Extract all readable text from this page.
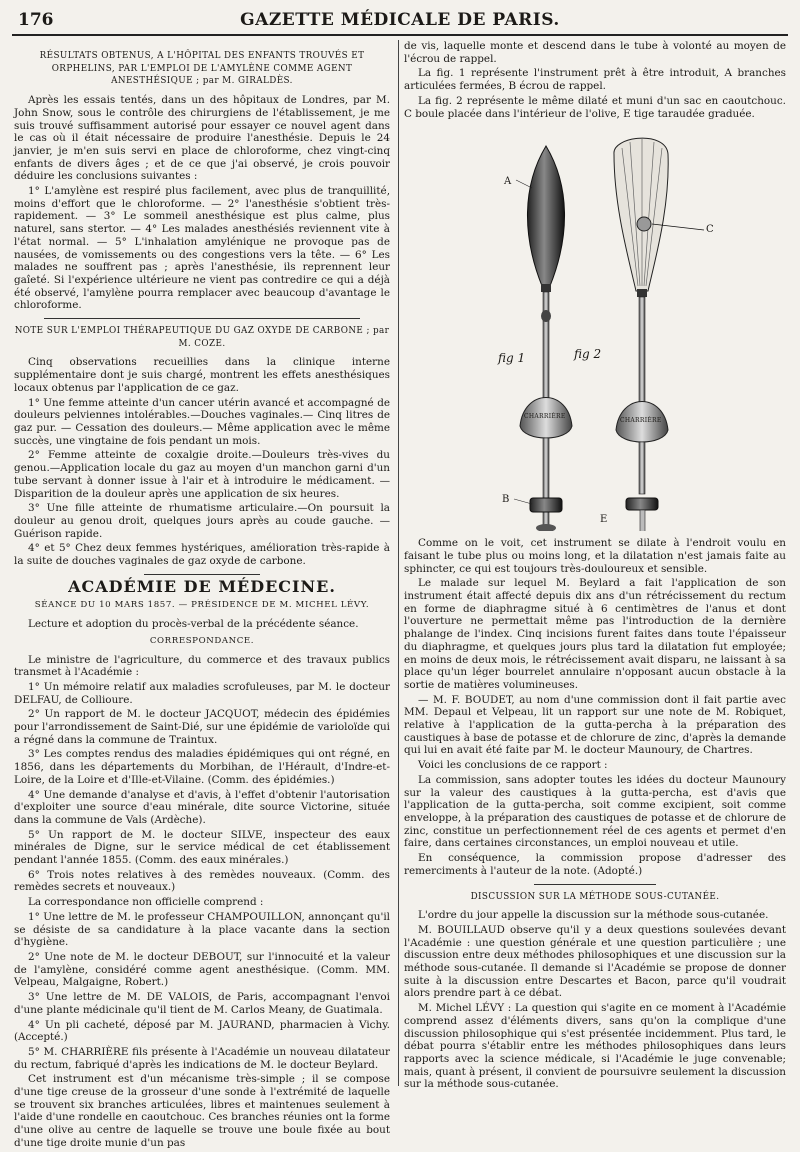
176	GAZETTE MÉDICALE DE PARIS.

RÉSULTATS OBTENUS, A L'HÔPITAL DES ENFANTS TROUVÉS ET ORPHELINS, PAR L'EMPLOI DE L'AMYLÈNE COMME AGENT ANESTHÉSIQUE ; par M. GIRALDÈS.

Après les essais tentés, dans un des hôpitaux de Londres, par M. John Snow, sous le contrôle des chirurgiens de l'établissement, je me suis trouvé suffisamment autorisé pour essayer ce nouvel agent dans le cas où il était nécessaire de produire l'anesthésie. Depuis le 24 janvier, je m'en suis servi en place de chloroforme, chez vingt-cinq enfants de divers âges ; et de ce que j'ai observé, je crois pouvoir déduire les conclusions suivantes :

1° L'amylène est respiré plus facilement, avec plus de tranquillité, moins d'effort que le chloroforme. — 2° l'anesthésie s'obtient très-rapidement. — 3° Le sommeil anesthésique est plus calme, plus naturel, sans stertor. — 4° Les malades anesthésiés reviennent vite à l'état normal. — 5° L'inhalation amylénique ne provoque pas de nausées, de vomissements ou des congestions vers la tête. — 6° Les malades ne souffrent pas ; après l'anesthésie, ils reprennent leur gaîeté. Si l'expérience ultérieure ne vient pas contredire ce qui a déjà été observé, l'amylène pourra remplacer avec beaucoup d'avantage le chloroforme.

NOTE SUR L'EMPLOI THÉRAPEUTIQUE DU GAZ OXYDE DE CARBONE ; par M. COZE.

Cinq observations recueillies dans la clinique interne supplémentaire dont je suis chargé, montrent les effets anesthésiques locaux obtenus par l'application de ce gaz.

1° Une femme atteinte d'un cancer utérin avancé et accompagné de douleurs pelviennes intolérables.—Douches vaginales.— Cinq litres de gaz pur. — Cessation des douleurs.— Même application avec le même succès, une vingtaine de fois pendant un mois.

2° Femme atteinte de coxalgie droite.—Douleurs très-vives du genou.—Application locale du gaz au moyen d'un manchon garni d'un tube servant à donner issue à l'air et à introduire le médicament. — Disparition de la douleur après une application de six heures.

3° Une fille atteinte de rhumatisme articulaire.—On poursuit la douleur au genou droit, quelques jours après au coude gauche. — Guérison rapide.

4° et 5° Chez deux femmes hystériques, amélioration très-rapide à la suite de douches vaginales de gaz oxyde de carbone.

ACADÉMIE DE MÉDECINE.
SÉANCE DU 10 MARS 1857. — PRÉSIDENCE DE M. MICHEL LÉVY.

Lecture et adoption du procès-verbal de la précédente séance.

CORRESPONDANCE.

Le ministre de l'agriculture, du commerce et des travaux publics transmet à l'Académie :

1° Un mémoire relatif aux maladies scrofuleuses, par M. le docteur DELFAU, de Collioure.

2° Un rapport de M. le docteur JACQUOT, médecin des épidémies pour l'arrondissement de Saint-Dié, sur une épidémie de variolоïde qui a régné dans la commune de Traintux.

3° Les comptes rendus des maladies épidémiques qui ont régné, en 1856, dans les départements du Morbihan, de l'Hérault, d'Indre-et-Loire, de la Loire et d'Ille-et-Vilaine. (Comm. des épidémies.)

4° Une demande d'analyse et d'avis, à l'effet d'obtenir l'autorisation d'exploiter une source d'eau minérale, dite source Victorine, située dans la commune de Vals (Ardèche).

5° Un rapport de M. le docteur SILVE, inspecteur des eaux minérales de Digne, sur le service médical de cet établissement pendant l'année 1855. (Comm. des eaux minérales.)

6° Trois notes relatives à des remèdes nouveaux. (Comm. des remèdes secrets et nouveaux.)

La correspondance non officielle comprend :

1° Une lettre de M. le professeur CHAMPOUILLON, annonçant qu'il se désiste de sa candidature à la place vacante dans la section d'hygiène.

2° Une note de M. le docteur DEBOUT, sur l'innocuité et la valeur de l'amylène, considéré comme agent anesthésique. (Comm. MM. Velpeau, Malgaigne, Robert.)

3° Une lettre de M. DE VALOIS, de Paris, accompagnant l'envoi d'une plante médicinale qu'il tient de M. Carlos Meany, de Guatimala.

4° Un pli cacheté, déposé par M. JAURAND, pharmacien à Vichy. (Accepté.)

5° M. CHARRIÈRE fils présente à l'Académie un nouveau dilatateur du rectum, fabriqué d'après les indications de M. le docteur Beylard.

Cet instrument est d'un mécanisme très-simple ; il se compose d'une tige creuse de la grosseur d'une sonde à l'extrémité de laquelle se trouvent six branches articulées, libres et maintenues seulement à l'aide d'une rondelle en caoutchouc. Ces branches réunies ont la forme d'une olive au centre de laquelle se trouve une boule fixée au bout d'une tige droite munie d'un pas

de vis, laquelle monte et descend dans le tube à volonté au moyen de l'écrou de rappel.

La fig. 1 représente l'instrument prêt à être introduit, A branches articulées fermées, B écrou de rappel.

La fig. 2 représente le même dilaté et muni d'un sac en caoutchouc. C boule placée dans l'intérieur de l'olive, E tige taraudée graduée.

A
C
B
E
fig 1	fig 2
CHARRIÈRE
CHARRIÈRE

Comme on le voit, cet instrument se dilate à l'endroit voulu en faisant le tube plus ou moins long, et la dilatation n'est jamais faite au sphincter, ce qui est toujours très-douloureux et sensible.

Le malade sur lequel M. Beylard a fait l'application de son instrument était affecté depuis dix ans d'un rétrécissement du rectum en forme de diaphragme situé à 6 centimètres de l'anus et dont l'ouverture ne permettait même pas l'introduction de la dernière phalange de l'index. Cinq incisions furent faites dans toute l'épaisseur du diaphragme, et quelques jours plus tard la dilatation fut employée; en moins de deux mois, le rétrécissement avait disparu, ne laissant à sa place qu'un léger bourrelet annulaire n'opposant aucun obstacle à la sortie de matières volumineuses.

— M. F. BOUDET, au nom d'une commission dont il fait partie avec MM. Depaul et Velpeau, lit un rapport sur une note de M. Robiquet, relative à l'application de la gutta-percha à la préparation des caustiques à base de potasse et de chlorure de zinc, d'après la demande qui lui en avait été faite par M. le docteur Maunoury, de Chartres.

Voici les conclusions de ce rapport :

La commission, sans adopter toutes les idées du docteur Maunoury sur la valeur des caustiques à la gutta-percha, est d'avis que l'application de la gutta-percha, soit comme excipient, soit comme enveloppe, à la préparation des caustiques de potasse et de chlorure de zinc, constitue un perfectionnement réel de ces agents et permet d'en faire, dans certaines circonstances, un emploi nouveau et utile.

En conséquence, la commission propose d'adresser des remerciments à l'auteur de la note. (Adopté.)

DISCUSSION SUR LA MÉTHODE SOUS-CUTANÉE.

L'ordre du jour appelle la discussion sur la méthode sous-cutanée.

M. BOUILLAUD observe qu'il y a deux questions soulevées devant l'Académie : une question générale et une question particulière ; une discussion entre deux méthodes philosophiques et une discussion sur la méthode sous-cutanée. Il demande si l'Académie se propose de donner suite à la discussion entre Descartes et Bacon, parce qu'il voudrait alors prendre part à ce débat.

M. Michel LÉVY : La question qui s'agite en ce moment à l'Académie comprend assez d'éléments divers, sans qu'on la complique d'une discussion philosophique qui s'est présentée incidemment. Plus tard, le débat pourra s'établir entre les méthodes philosophiques dans leurs rapports avec la science médicale, si l'Académie le juge convenable; mais, quant à présent, il convient de poursuivre seulement la discussion sur la méthode sous-cutanée.
